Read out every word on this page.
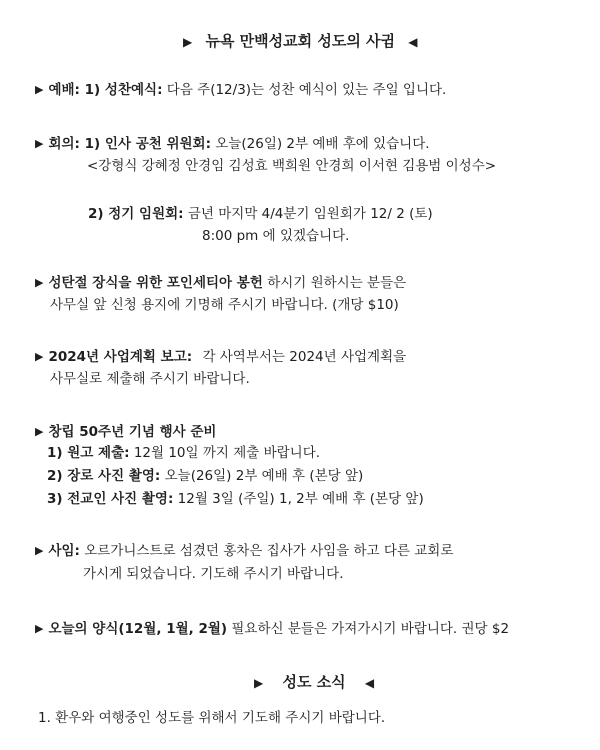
▶ 뉴욕 만백성교회 성도의 사귐 ◀
▶ 예배: 1) 성찬예식: 다음 주(12/3)는 성찬 예식이 있는 주일 입니다.
▶ 회의: 1) 인사 공천 위원회: 오늘(26일) 2부 예배 후에 있습니다.
<강형식 강혜정 안경임 김성효 백희원 안경희 이서현 김용범 이성수>
2) 정기 임원회: 금년 마지막 4/4분기 임원회가 12/ 2 (토)
8:00 pm 에 있겠습니다.
▶ 성탄절 장식을 위한 포인세티아 봉헌 하시기 원하시는 분들은
사무실 앞 신청 용지에 기명해 주시기 바랍니다. (개당 $10)
▶ 2024년 사업계획 보고: 각 사역부서는 2024년 사업계획을
사무실로 제출해 주시기 바랍니다.
▶ 창립 50주년 기념 행사 준비
1) 원고 제출: 12월 10일 까지 제출 바랍니다.
2) 장로 사진 촬영: 오늘(26일) 2부 예배 후 (본당 앞)
3) 전교인 사진 촬영: 12월 3일 (주일) 1, 2부 예배 후 (본당 앞)
▶ 사임: 오르가니스트로 섬겼던 홍차은 집사가 사임을 하고 다른 교회로
가시게 되었습니다. 기도해 주시기 바랍니다.
▶ 오늘의 양식(12월, 1월, 2월) 필요하신 분들은 가져가시기 바랍니다. 권당 $2
▶ 성도 소식 ◀
1. 환우와 여행중인 성도를 위해서 기도해 주시기 바랍니다.
